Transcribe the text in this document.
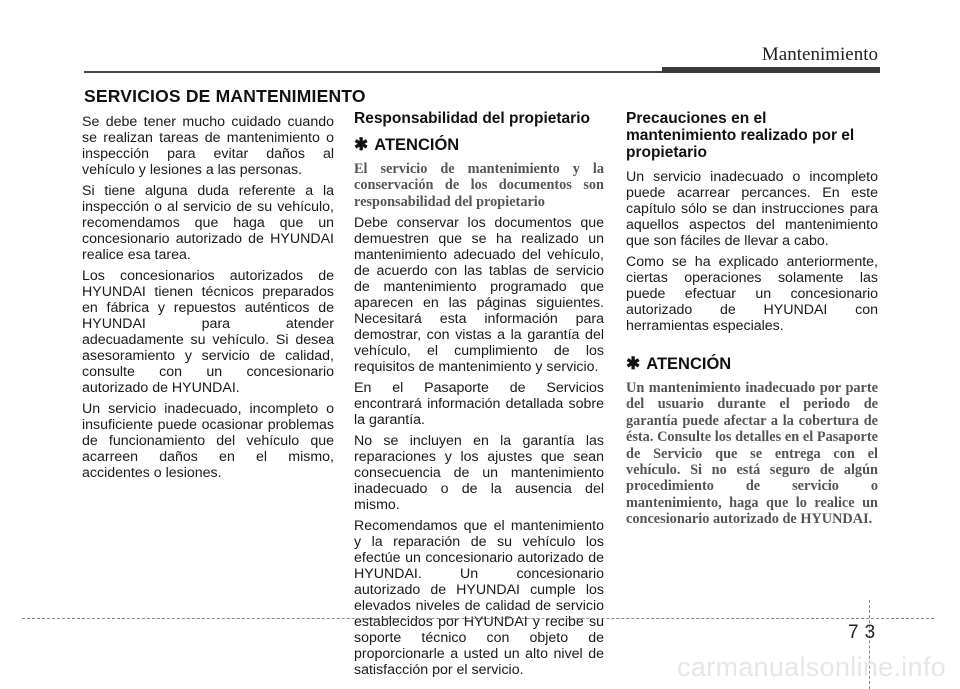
Mantenimiento
SERVICIOS DE MANTENIMIENTO

Se debe tener mucho cuidado cuando se realizan tareas de mantenimiento o inspección para evitar daños al vehículo y lesiones a las personas.

Si tiene alguna duda referente a la inspección o al servicio de su vehículo, recomendamos que haga que un concesionario autorizado de HYUNDAI realice esa tarea.

Los concesionarios autorizados de HYUNDAI tienen técnicos preparados en fábrica y repuestos auténticos de HYUNDAI para atender adecuadamente su vehículo. Si desea asesoramiento y servicio de calidad, consulte con un concesionario autorizado de HYUNDAI.

Un servicio inadecuado, incompleto o insuficiente puede ocasionar problemas de funcionamiento del vehículo que acarreen daños en el mismo, accidentes o lesiones.

Responsabilidad del propietario
✱ ATENCIÓN

El servicio de mantenimiento y la conservación de los documentos son responsabilidad del propietario

Debe conservar los documentos que demuestren que se ha realizado un mantenimiento adecuado del vehículo, de acuerdo con las tablas de servicio de mantenimiento programado que aparecen en las páginas siguientes. Necesitará esta información para demostrar, con vistas a la garantía del vehículo, el cumplimiento de los requisitos de mantenimiento y servicio.

En el Pasaporte de Servicios encontrará información detallada sobre la garantía.

No se incluyen en la garantía las reparaciones y los ajustes que sean consecuencia de un mantenimiento inadecuado o de la ausencia del mismo.

Recomendamos que el mantenimiento y la reparación de su vehículo los efectúe un concesionario autorizado de HYUNDAI. Un concesionario autorizado de HYUNDAI cumple los elevados niveles de calidad de servicio establecidos por HYUNDAI y recibe su soporte técnico con objeto de proporcionarle a usted un alto nivel de satisfacción por el servicio.

Precauciones en el mantenimiento realizado por el propietario

Un servicio inadecuado o incompleto puede acarrear percances. En este capítulo sólo se dan instrucciones para aquellos aspectos del mantenimiento que son fáciles de llevar a cabo.

Como se ha explicado anteriormente, ciertas operaciones solamente las puede efectuar un concesionario autorizado de HYUNDAI con herramientas especiales.

✱ ATENCIÓN

Un mantenimiento inadecuado por parte del usuario durante el periodo de garantía puede afectar a la cobertura de ésta. Consulte los detalles en el Pasaporte de Servicio que se entrega con el vehículo. Si no está seguro de algún procedimiento de servicio o mantenimiento, haga que lo realice un concesionario autorizado de HYUNDAI.

73
carmanualsonline.info
